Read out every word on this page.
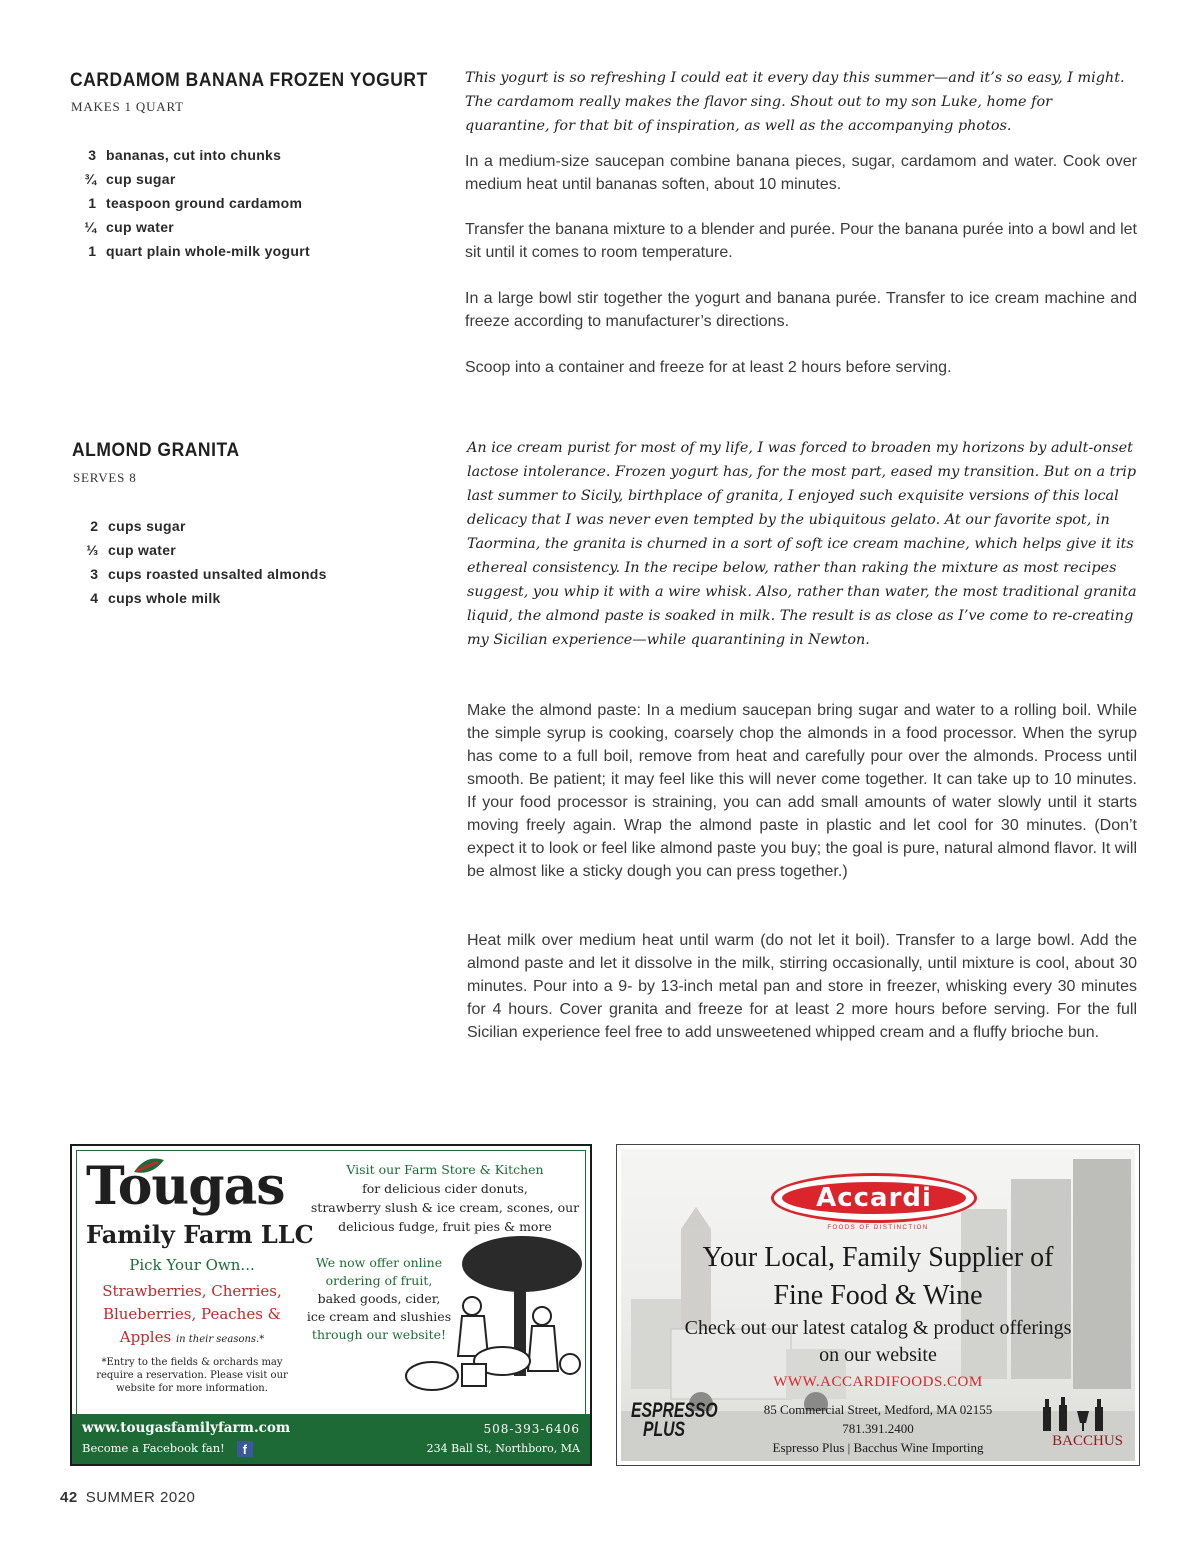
CARDAMOM BANANA FROZEN YOGURT
MAKES 1 QUART
3 bananas, cut into chunks
¾ cup sugar
1 teaspoon ground cardamom
¼ cup water
1 quart plain whole-milk yogurt
This yogurt is so refreshing I could eat it every day this summer—and it’s so easy, I might. The cardamom really makes the flavor sing. Shout out to my son Luke, home for quarantine, for that bit of inspiration, as well as the accompanying photos.
In a medium-size saucepan combine banana pieces, sugar, cardamom and water. Cook over medium heat until bananas soften, about 10 minutes.
Transfer the banana mixture to a blender and purée. Pour the banana purée into a bowl and let sit until it comes to room temperature.
In a large bowl stir together the yogurt and banana purée. Transfer to ice cream machine and freeze according to manufacturer’s directions.
Scoop into a container and freeze for at least 2 hours before serving.
ALMOND GRANITA
SERVES 8
2 cups sugar
⅓ cup water
3 cups roasted unsalted almonds
4 cups whole milk
An ice cream purist for most of my life, I was forced to broaden my horizons by adult-onset lactose intolerance. Frozen yogurt has, for the most part, eased my transition. But on a trip last summer to Sicily, birthplace of granita, I enjoyed such exquisite versions of this local delicacy that I was never even tempted by the ubiquitous gelato. At our favorite spot, in Taormina, the granita is churned in a sort of soft ice cream machine, which helps give it its ethereal consistency. In the recipe below, rather than raking the mixture as most recipes suggest, you whip it with a wire whisk. Also, rather than water, the most traditional granita liquid, the almond paste is soaked in milk. The result is as close as I’ve come to re-creating my Sicilian experience—while quarantining in Newton.
Make the almond paste: In a medium saucepan bring sugar and water to a rolling boil. While the simple syrup is cooking, coarsely chop the almonds in a food processor. When the syrup has come to a full boil, remove from heat and carefully pour over the almonds. Process until smooth. Be patient; it may feel like this will never come together. It can take up to 10 minutes. If your food processor is straining, you can add small amounts of water slowly until it starts moving freely again. Wrap the almond paste in plastic and let cool for 30 minutes. (Don’t expect it to look or feel like almond paste you buy; the goal is pure, natural almond flavor. It will be almost like a sticky dough you can press together.)
Heat milk over medium heat until warm (do not let it boil). Transfer to a large bowl. Add the almond paste and let it dissolve in the milk, stirring occasionally, until mixture is cool, about 30 minutes. Pour into a 9- by 13-inch metal pan and store in freezer, whisking every 30 minutes for 4 hours. Cover granita and freeze for at least 2 more hours before serving. For the full Sicilian experience feel free to add unsweetened whipped cream and a fluffy brioche bun.
Tougas
Family Farm LLC
Pick Your Own...
Strawberries, Cherries,
Blueberries, Peaches &
Apples in their seasons.*
*Entry to the fields & orchards may require a reservation. Please visit our website for more information.
Visit our Farm Store & Kitchen
for delicious cider donuts,
strawberry slush & ice cream, scones, our
delicious fudge, fruit pies & more
We now offer online
ordering of fruit,
baked goods, cider,
ice cream and slushies
through our website!
www.tougasfamilyfarm.com
Become a Facebook fan! f
508-393-6406
234 Ball St, Northboro, MA
Accardi
FOODS OF DISTINCTION
Your Local, Family Supplier of
Fine Food & Wine
Check out our latest catalog & product offerings
on our website
WWW.ACCARDIFOODS.COM
85 Commercial Street, Medford, MA 02155
781.391.2400
Espresso Plus | Bacchus Wine Importing
ESPRESSO
PLUS	BACCHUS
42 SUMMER 2020
